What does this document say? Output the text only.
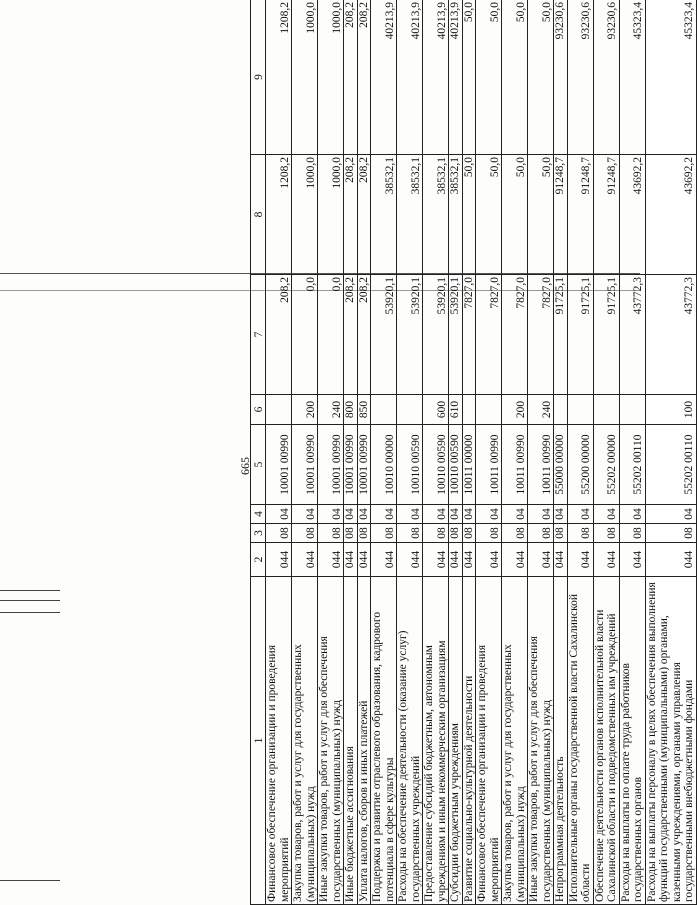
665
1	2	3	4	5	6	7	8	9
Финансовое обеспечение организации и проведения мероприятий	044	08	04	10001 00990		208,2	1208,2	1208,2
Закупка товаров, работ и услуг для государственных (муниципальных) нужд	044	08	04	10001 00990	200	0,0	1000,0	1000,0
Иные закупки товаров, работ и услуг для обеспечения государственных (муниципальных) нужд	044	08	04	10001 00990	240	0,0	1000,0	1000,0
Иные бюджетные ассигнования	044	08	04	10001 00990	800	208,2	208,2	208,2
Уплата налогов, сборов и иных платежей	044	08	04	10001 00990	850	208,2	208,2	208,2
Поддержка и развитие отраслевого образования, кадрового потенциала в сфере культуры	044	08	04	10010 00000		53920,1	38532,1	40213,9
Расходы на обеспечение деятельности (оказание услуг) государственных учреждений	044	08	04	10010 00590		53920,1	38532,1	40213,9
Предоставление субсидий бюджетным, автономным учреждениям и иным некоммерческим организациям	044	08	04	10010 00590	600	53920,1	38532,1	40213,9
Субсидии бюджетным учреждениям	044	08	04	10010 00590	610	53920,1	38532,1	40213,9
Развитие социально-культурной деятельности	044	08	04	10011 00000		7827,0	50,0	50,0
Финансовое обеспечение организации и проведения мероприятий	044	08	04	10011 00990		7827,0	50,0	50,0
Закупка товаров, работ и услуг для государственных (муниципальных) нужд	044	08	04	10011 00990	200	7827,0	50,0	50,0
Иные закупки товаров, работ и услуг для обеспечения государственных (муниципальных) нужд	044	08	04	10011 00990	240	7827,0	50,0	50,0
Непрограммная деятельность	044	08	04	55000 00000		91725,1	91248,7	93230,6
Исполнительные органы государственной власти Сахалинской области	044	08	04	55200 00000		91725,1	91248,7	93230,6
Обеспечение деятельности органов исполнительной власти Сахалинской области и подведомственных им учреждений	044	08	04	55202 00000		91725,1	91248,7	93230,6
Расходы на выплаты по оплате труда работников государственных органов	044	08	04	55202 00110		43772,3	43692,2	45323,4
Расходы на выплаты персоналу в целях обеспечения выполнения функций государственными (муниципальными) органами, казенными учреждениями, органами управления государственными внебюджетными фондами	044	08	04	55202 00110	100	43772,3	43692,2	45323,4
